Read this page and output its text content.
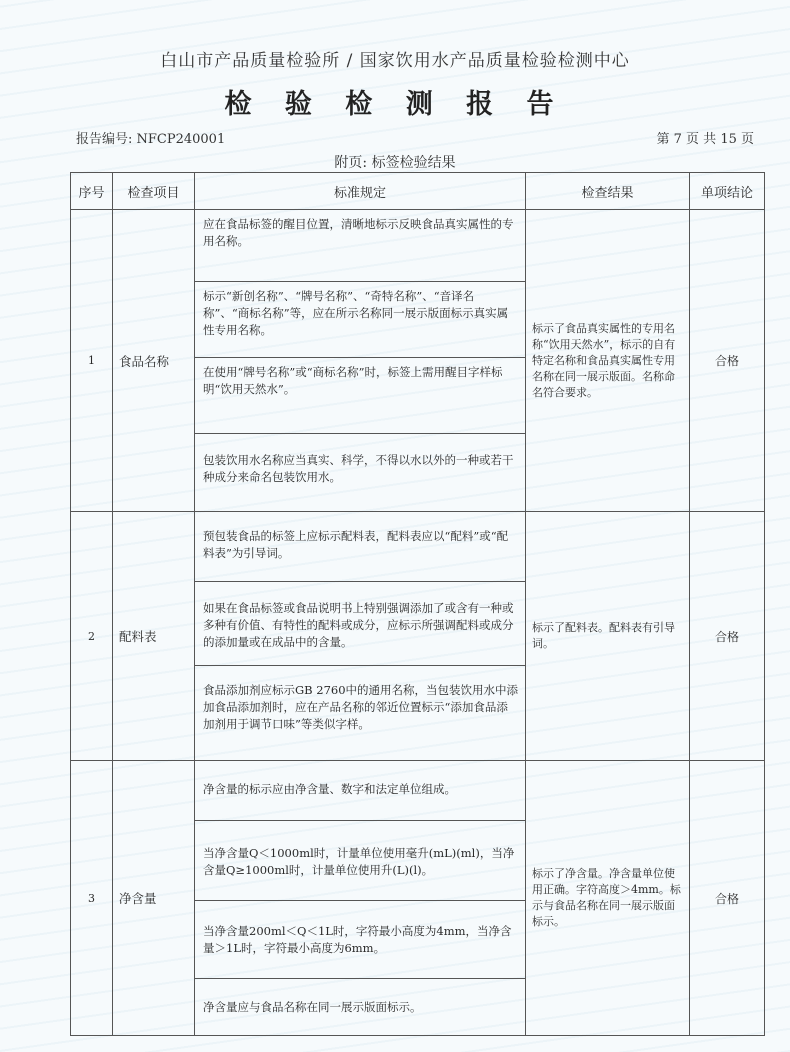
白山市产品质量检验所 / 国家饮用水产品质量检验检测中心
检 验 检 测 报 告
报告编号: NFCP240001	第 7 页 共 15 页
附页: 标签检验结果
序号	检查项目	标准规定	检查结果	单项结论
1	食品名称	应在食品标签的醒目位置，清晰地标示反映食品真实属性的专用名称。
标示“新创名称”、“牌号名称”、“奇特名称”、“音译名称”、“商标名称”等，应在所示名称同一展示版面标示真实属性专用名称。
在使用“牌号名称”或“商标名称”时，标签上需用醒目字样标明“饮用天然水”。
包装饮用水名称应当真实、科学，不得以水以外的一种或若干种成分来命名包装饮用水。	标示了食品真实属性的专用名称“饮用天然水”，标示的自有特定名称和食品真实属性专用名称在同一展示版面。名称命名符合要求。	合格
2	配料表	预包装食品的标签上应标示配料表，配料表应以“配料”或“配料表”为引导词。
如果在食品标签或食品说明书上特别强调添加了或含有一种或多种有价值、有特性的配料或成分，应标示所强调配料或成分的添加量或在成品中的含量。
食品添加剂应标示GB 2760中的通用名称，当包装饮用水中添加食品添加剂时，应在产品名称的邻近位置标示“添加食品添加剂用于调节口味”等类似字样。	标示了配料表。配料表有引导词。	合格
3	净含量	净含量的标示应由净含量、数字和法定单位组成。
当净含量Q＜1000ml时，计量单位使用毫升(mL)(ml)，当净含量Q≥1000ml时，计量单位使用升(L)(l)。
当净含量200ml＜Q＜1L时，字符最小高度为4mm，当净含量＞1L时，字符最小高度为6mm。
净含量应与食品名称在同一展示版面标示。	标示了净含量。净含量单位使用正确。字符高度＞4mm。标示与食品名称在同一展示版面标示。	合格
